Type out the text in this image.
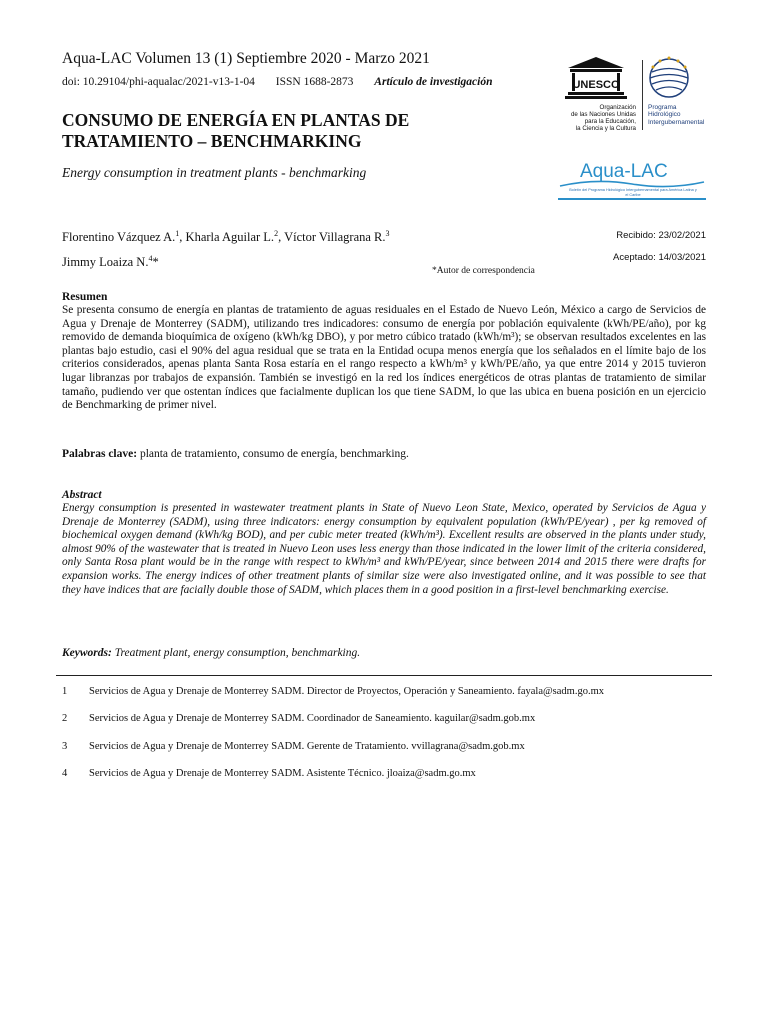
Aqua-LAC Volumen 13 (1) Septiembre 2020 - Marzo 2021
doi: 10.29104/phi-aqualac/2021-v13-1-04 ISSN 1688-2873 Artículo de investigación	UNESCO
Organización
de las Naciones Unidas
para la Educación,
la Ciencia y la Cultura
Programa
Hidrológico
Intergubernamental
Aqua-LAC
Boletín del Programa Hidrológico Intergubernamental para América Latina y el Caribe
CONSUMO DE ENERGÍA EN PLANTAS DE TRATAMIENTO – BENCHMARKING
Energy consumption in treatment plants - benchmarking
Florentino Vázquez A.$^1$, Kharla Aguilar L.$^2$, Víctor Villagrana R.$^3$
Jimmy Loaiza N.$^4$*
Recibido: 23/02/2021
Aceptado: 14/03/2021
*Autor de correspondencia
Resumen
Se presenta consumo de energía en plantas de tratamiento de aguas residuales en el Estado de Nuevo León, México a cargo de Servicios de Agua y Drenaje de Monterrey (SADM), utilizando tres indicadores: consumo de energía por población equivalente (kWh/PE/año), por kg removido de demanda bioquímica de oxígeno (kWh/kg DBO), y por metro cúbico tratado (kWh/m³); se observan resultados excelentes en las plantas bajo estudio, casi el 90% del agua residual que se trata en la Entidad ocupa menos energía que los señalados en el límite bajo de los criterios considerados, apenas planta Santa Rosa estaría en el rango respecto a kWh/m³ y kWh/PE/año, ya que entre 2014 y 2015 tuvieron lugar libranzas por trabajos de expansión. También se investigó en la red los índices energéticos de otras plantas de tratamiento de similar tamaño, pudiendo ver que ostentan índices que facialmente duplican los que tiene SADM, lo que las ubica en buena posición en un ejercicio de Benchmarking de primer nivel.
Palabras clave: planta de tratamiento, consumo de energía, benchmarking.
Abstract
Energy consumption is presented in wastewater treatment plants in State of Nuevo Leon State, Mexico, operated by Servicios de Agua y Drenaje de Monterrey (SADM), using three indicators: energy consumption by equivalent population (kWh/PE/year) , per kg removed of biochemical oxygen demand (kWh/kg BOD), and per cubic meter treated (kWh/m³). Excellent results are observed in the plants under study, almost 90% of the wastewater that is treated in Nuevo Leon uses less energy than those indicated in the lower limit of the criteria considered, only Santa Rosa plant would be in the range with respect to kWh/m³ and kWh/PE/year, since between 2014 and 2015 there were drafts for expansion works. The energy indices of other treatment plants of similar size were also investigated online, and it was possible to see that they have indices that are facially double those of SADM, which places them in a good position in a first-level benchmarking exercise.
Keywords: Treatment plant, energy consumption, benchmarking.
1 Servicios de Agua y Drenaje de Monterrey SADM. Director de Proyectos, Operación y Saneamiento. fayala@sadm.go.mx
2 Servicios de Agua y Drenaje de Monterrey SADM. Coordinador de Saneamiento. kaguilar@sadm.gob.mx
3 Servicios de Agua y Drenaje de Monterrey SADM. Gerente de Tratamiento. vvillagrana@sadm.gob.mx
4 Servicios de Agua y Drenaje de Monterrey SADM. Asistente Técnico. jloaiza@sadm.go.mx
